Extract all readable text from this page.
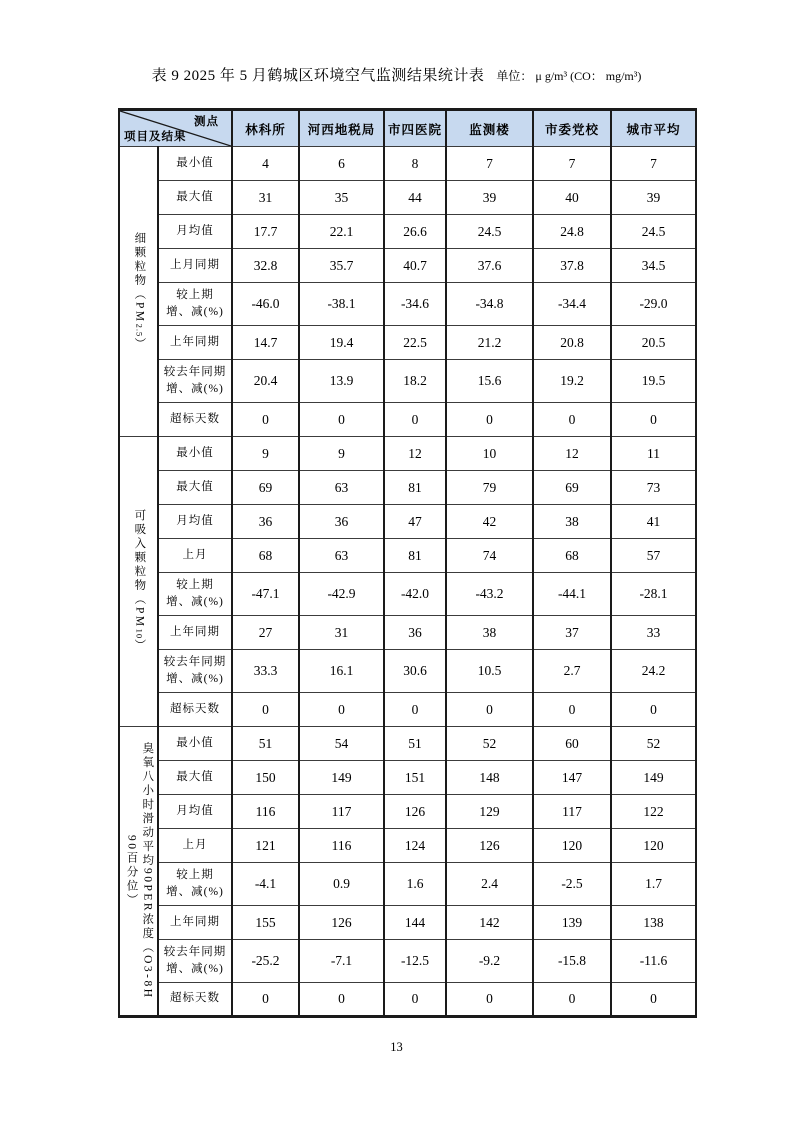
表 9 2025 年 5 月鹤城区环境空气监测结果统计表 单位： μ g/m³ (CO： mg/m³)
测点
项目及结果		林科所	河西地税局	市四医院	监测楼	市委党校	城市平均

细颗粒物（PM2.5）	最小值	4	6	8	7	7	7
	最大值	31	35	44	39	40	39
	月均值	17.7	22.1	26.6	24.5	24.8	24.5
	上月同期	32.8	35.7	40.7	37.6	37.8	34.5

	较上期
增、减(%)	-46.0	-38.1	-34.6	-34.8	-34.4	-29.0
	上年同期	14.7	19.4	22.5	21.2	20.8	20.5

	较去年同期
增、减(%)	20.4	13.9	18.2	15.6	19.2	19.5
	超标天数	0	0	0	0	0	0

可吸入颗粒物（PM10）	最小值	9	9	12	10	12	11
	最大值	69	63	81	79	69	73
	月均值	36	36	47	42	38	41
	上月	68	63	81	74	68	57

	较上期
增、减(%)	-47.1	-42.9	-42.0	-43.2	-44.1	-28.1
	上年同期	27	31	36	38	37	33

	较去年同期
增、减(%)	33.3	16.1	30.6	10.5	2.7	24.2
	超标天数	0	0	0	0	0	0

臭氧八小时滑动平均90PER浓度（O3-8H
90百分位）	最小值	51	54	51	52	60	52
	最大值	150	149	151	148	147	149
	月均值	116	117	126	129	117	122
	上月	121	116	124	126	120	120

	较上期
增、减(%)	-4.1	0.9	1.6	2.4	-2.5	1.7
	上年同期	155	126	144	142	139	138

	较去年同期
增、减(%)	-25.2	-7.1	-12.5	-9.2	-15.8	-11.6
	超标天数	0	0	0	0	0	0
13
